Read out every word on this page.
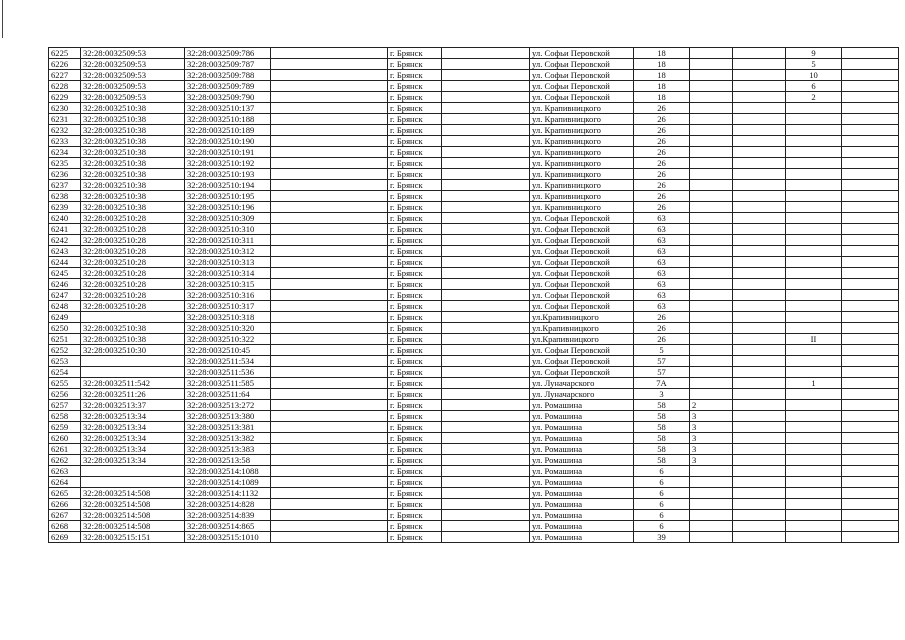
6225	32:28:0032509:53	32:28:0032509:786		г. Брянск		ул. Софьи Перовской	18			9	
6226	32:28:0032509:53	32:28:0032509:787		г. Брянск		ул. Софьи Перовской	18			5	
6227	32:28:0032509:53	32:28:0032509:788		г. Брянск		ул. Софьи Перовской	18			10	
6228	32:28:0032509:53	32:28:0032509:789		г. Брянск		ул. Софьи Перовской	18			6	
6229	32:28:0032509:53	32:28:0032509:790		г. Брянск		ул. Софьи Перовской	18			2	
6230	32:28:0032510:38	32:28:0032510:137		г. Брянск		ул. Крапивницкого	26				
6231	32:28:0032510:38	32:28:0032510:188		г. Брянск		ул. Крапивницкого	26				
6232	32:28:0032510:38	32:28:0032510:189		г. Брянск		ул. Крапивницкого	26				
6233	32:28:0032510:38	32:28:0032510:190		г. Брянск		ул. Крапивницкого	26				
6234	32:28:0032510:38	32:28:0032510:191		г. Брянск		ул. Крапивницкого	26				
6235	32:28:0032510:38	32:28:0032510:192		г. Брянск		ул. Крапивницкого	26				
6236	32:28:0032510:38	32:28:0032510:193		г. Брянск		ул. Крапивницкого	26				
6237	32:28:0032510:38	32:28:0032510:194		г. Брянск		ул. Крапивницкого	26				
6238	32:28:0032510:38	32:28:0032510:195		г. Брянск		ул. Крапивницкого	26				
6239	32:28:0032510:38	32:28:0032510:196		г. Брянск		ул. Крапивницкого	26				
6240	32:28:0032510:28	32:28:0032510:309		г. Брянск		ул. Софьи Перовской	63				
6241	32:28:0032510:28	32:28:0032510:310		г. Брянск		ул. Софьи Перовской	63				
6242	32:28:0032510:28	32:28:0032510:311		г. Брянск		ул. Софьи Перовской	63				
6243	32:28:0032510:28	32:28:0032510:312		г. Брянск		ул. Софьи Перовской	63				
6244	32:28:0032510:28	32:28:0032510:313		г. Брянск		ул. Софьи Перовской	63				
6245	32:28:0032510:28	32:28:0032510:314		г. Брянск		ул. Софьи Перовской	63				
6246	32:28:0032510:28	32:28:0032510:315		г. Брянск		ул. Софьи Перовской	63				
6247	32:28:0032510:28	32:28:0032510:316		г. Брянск		ул. Софьи Перовской	63				
6248	32:28:0032510:28	32:28:0032510:317		г. Брянск		ул. Софьи Перовской	63				
6249		32:28:0032510:318		г. Брянск		ул.Крапивницкого	26				
6250	32:28:0032510:38	32:28:0032510:320		г. Брянск		ул.Крапивницкого	26				
6251	32:28:0032510:38	32:28:0032510:322		г. Брянск		ул.Крапивницкого	26			II	
6252	32:28:0032510:30	32:28:0032510:45		г. Брянск		ул. Софьи Перовской	5				
6253		32:28:0032511:534		г. Брянск		ул. Софьи Перовской	57				
6254		32:28:0032511:536		г. Брянск		ул. Софьи Перовской	57				
6255	32:28:0032511:542	32:28:0032511:585		г. Брянск		ул. Луначарского	7А			1	
6256	32:28:0032511:26	32:28:0032511:64		г. Брянск		ул. Луначарского	3				
6257	32:28:0032513:37	32:28:0032513:272		г. Брянск		ул. Ромашина	58	2			
6258	32:28:0032513:34	32:28:0032513:380		г. Брянск		ул. Ромашина	58	3			
6259	32:28:0032513:34	32:28:0032513:381		г. Брянск		ул. Ромашина	58	3			
6260	32:28:0032513:34	32:28:0032513:382		г. Брянск		ул. Ромашина	58	3			
6261	32:28:0032513:34	32:28:0032513:383		г. Брянск		ул. Ромашина	58	3			
6262	32:28:0032513:34	32:28:0032513:58		г. Брянск		ул. Ромашина	58	3			
6263		32:28:0032514:1088		г. Брянск		ул. Ромашина	6				
6264		32:28:0032514:1089		г. Брянск		ул. Ромашина	6				
6265	32:28:0032514:508	32:28:0032514:1132		г. Брянск		ул. Ромашина	6				
6266	32:28:0032514:508	32:28:0032514:828		г. Брянск		ул. Ромашина	6				
6267	32:28:0032514:508	32:28:0032514:839		г. Брянск		ул. Ромашина	6				
6268	32:28:0032514:508	32:28:0032514:865		г. Брянск		ул. Ромашина	6				
6269	32:28:0032515:151	32:28:0032515:1010		г. Брянск		ул. Ромашина	39				
